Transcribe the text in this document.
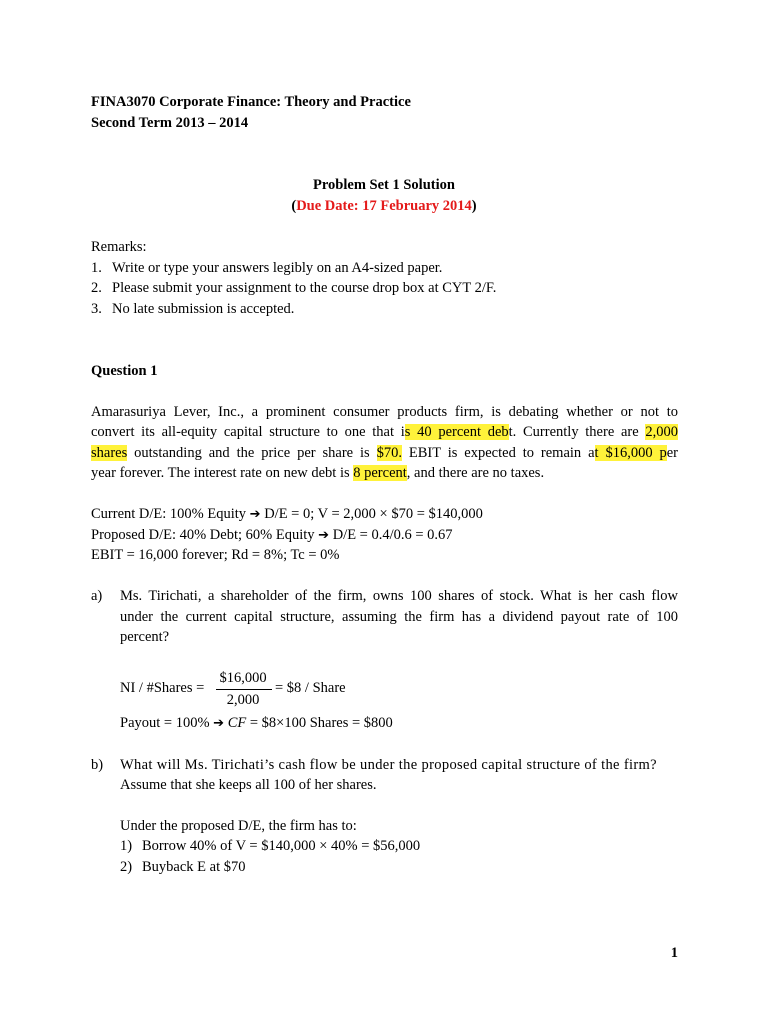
FINA3070 Corporate Finance: Theory and Practice
Second Term 2013 – 2014
Problem Set 1 Solution
(Due Date: 17 February 2014)
Remarks:
1. Write or type your answers legibly on an A4-sized paper.
2. Please submit your assignment to the course drop box at CYT 2/F.
3. No late submission is accepted.
Question 1
Amarasuriya Lever, Inc., a prominent consumer products firm, is debating whether or not to
convert its all-equity capital structure to one that is 40 percent debt. Currently there are 2,000
shares outstanding and the price per share is $70. EBIT is expected to remain at $16,000 per
year forever. The interest rate on new debt is 8 percent, and there are no taxes.
Current D/E: 100% Equity ➔ D/E = 0; V = 2,000 × $70 = $140,000
Proposed D/E: 40% Debt; 60% Equity ➔ D/E = 0.4/0.6 = 0.67
EBIT = 16,000 forever; Rd = 8%; Tc = 0%
a) Ms. Tirichati, a shareholder of the firm, owns 100 shares of stock. What is her cash flow
under the current capital structure, assuming the firm has a dividend payout rate of 100
percent?
NI / #Shares =
$16,000
2,000
= $8 / Share
Payout = 100% ➔ CF = $8×100 Shares = $800
b) What will Ms. Tirichati’s cash flow be under the proposed capital structure of the firm?
Assume that she keeps all 100 of her shares.
Under the proposed D/E, the firm has to:
1) Borrow 40% of V = $140,000 × 40% = $56,000
2) Buyback E at $70
1
